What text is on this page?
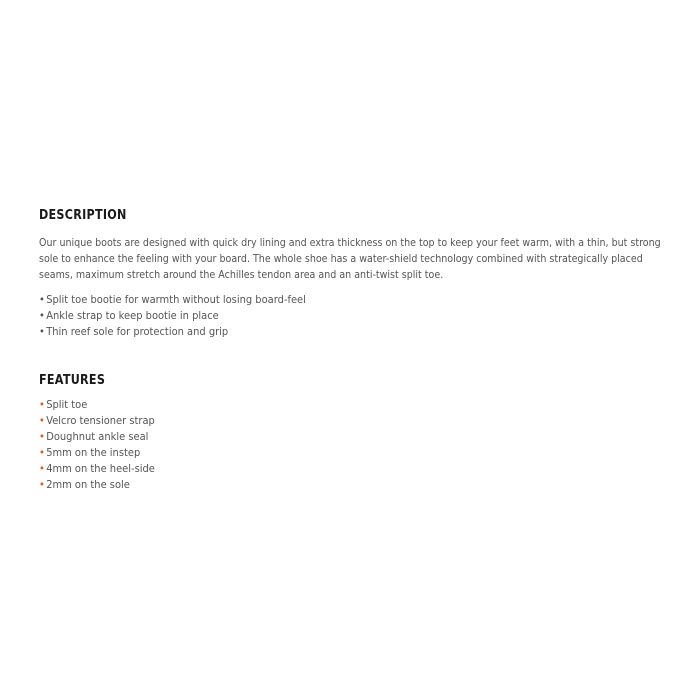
DESCRIPTION

Our unique boots are designed with quick dry lining and extra thickness on the top to keep your feet warm, with a thin, but strong sole to enhance the feeling with your board. The whole shoe has a water-shield technology combined with strategically placed seams, maximum stretch around the Achilles tendon area and an anti-twist split toe.

•Split toe bootie for warmth without losing board-feel
•Ankle strap to keep bootie in place
•Thin reef sole for protection and grip
FEATURES
•Split toe
•Velcro tensioner strap
•Doughnut ankle seal
•5mm on the instep
•4mm on the heel-side
•2mm on the sole
